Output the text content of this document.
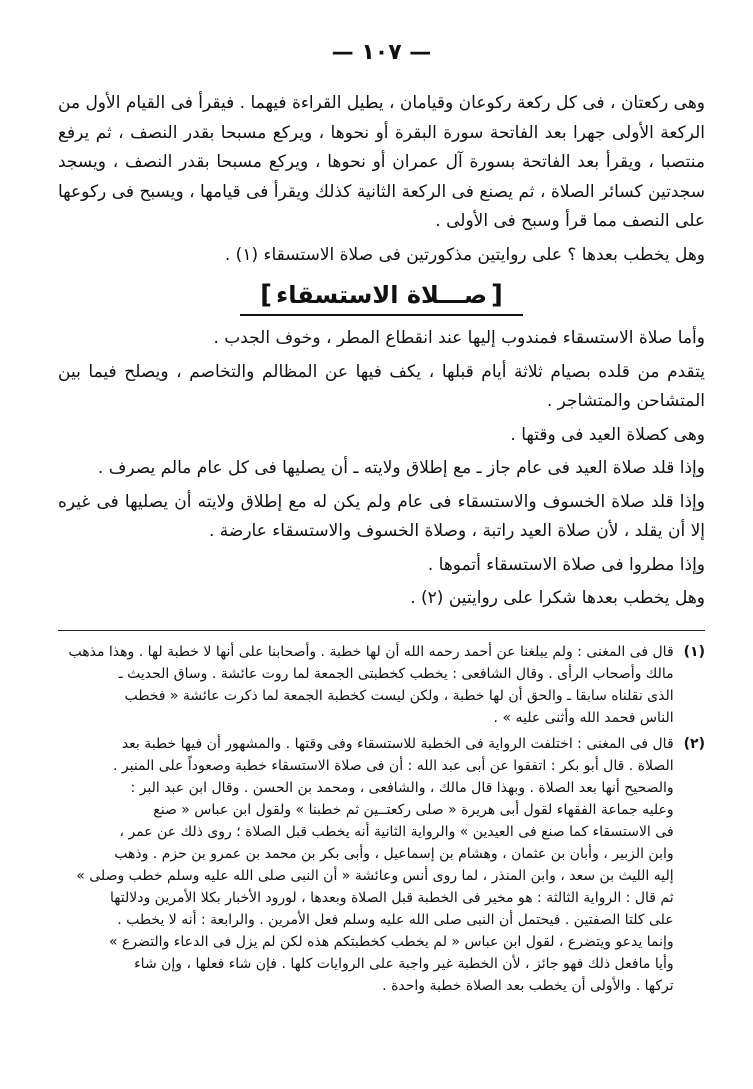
— ١٠٧ —

وهى ركعتان ، فى كل ركعة ركوعان وقيامان ، يطيل القراءة فيهما . فيقرأ فى القيام الأول من الركعة الأولى جهرا بعد الفاتحة سورة البقرة أو نحوها ، ويركع مسبحا بقدر النصف ، ثم يرفع منتصبا ، ويقرأ بعد الفاتحة بسورة آل عمران أو نحوها ، ويركع مسبحا بقدر النصف ، ويسجد سجدتين كسائر الصلاة ، ثم يصنع فى الركعة الثانية كذلك ويقرأ فى قيامها ، ويسبح فى ركوعها على النصف مما قرأ وسبح فى الأولى .

وهل يخطب بعدها ؟ على روايتين مذكورتين فى صلاة الاستسقاء (١) .

[صـــلاة الاستسقاء]

وأما صلاة الاستسقاء فمندوب إليها عند انقطاع المطر ، وخوف الجدب .

يتقدم من قلده بصيام ثلاثة أيام قبلها ، يكف فيها عن المظالم والتخاصم ، ويصلح فيما بين المتشاحن والمتشاجر .

وهى كصلاة العيد فى وقتها .

وإذا قلد صلاة العيد فى عام جاز ـ مع إطلاق ولايته ـ أن يصليها فى كل عام مالم يصرف .

وإذا قلد صلاة الخسوف والاستسقاء فى عام ولم يكن له مع إطلاق ولايته أن يصليها فى غيره إلا أن يقلد ، لأن صلاة العيد راتبة ، وصلاة الخسوف والاستسقاء عارضة .

وإذا مطروا فى صلاة الاستسقاء أتموها .

وهل يخطب بعدها شكرا على روايتين (٢) .

(١)
قال فى المغنى : ولم يبلغنا عن أحمد رحمه الله أن لها خطبة . وأصحابنا على أنها لا خطبة لها . وهذا مذهب
مالك وأصحاب الرأى . وقال الشافعى : يخطب كخطبتى الجمعة لما روت عائشة . وساق الحديث ـ
الذى نقلناه سابقا ـ والحق أن لها خطبة ، ولكن ليست كخطبة الجمعة لما ذكرت عائشة « فخطب
الناس فحمد الله وأثنى عليه » .
(٢)
قال فى المغنى : اختلفت الرواية فى الخطبة للاستسقاء وفى وقتها . والمشهور أن فيها خطبة بعد
الصلاة . قال أبو بكر : اتفقوا عن أبى عبد الله : أن فى صلاة الاستسقاء خطبة وصعوداً على المنبر .
والصحيح أنها بعد الصلاة . وبهذا قال مالك ، والشافعى ، ومحمد بن الحسن . وقال ابن عبد البر :
وعليه جماعة الفقهاء لقول أبى هريرة « صلى ركعتــين ثم خطبنا » ولقول ابن عباس « صنع
فى الاستسقاء كما صنع فى العيدين » والرواية الثانية أنه يخطب قبل الصلاة ؛ روى ذلك عن عمر ،
وابن الزبير ، وأبان بن عثمان ، وهشام بن إسماعيل ، وأبى بكر بن محمد بن عمرو بن حزم . وذهب
إليه الليث بن سعد ، وابن المنذر ، لما روى أنس وعائشة « أن النبى صلى الله عليه وسلم خطب وصلى »
ثم قال : الرواية الثالثة : هو مخير فى الخطبة قبل الصلاة وبعدها ، لورود الأخبار بكلا الأمرين ودلالتها
على كلتا الصفتين . فيحتمل أن النبى صلى الله عليه وسلم فعل الأمرين . والرابعة : أنه لا يخطب .
وإنما يدعو ويتضرع ، لقول ابن عباس « لم يخطب كخطبتكم هذه لكن لم يزل فى الدعاء والتضرع »
وأيا مافعل ذلك فهو جائز ، لأن الخطبة غير واجبة على الروايات كلها . فإن شاء فعلها ، وإن شاء
تركها . والأولى أن يخطب بعد الصلاة خطبة واحدة .
